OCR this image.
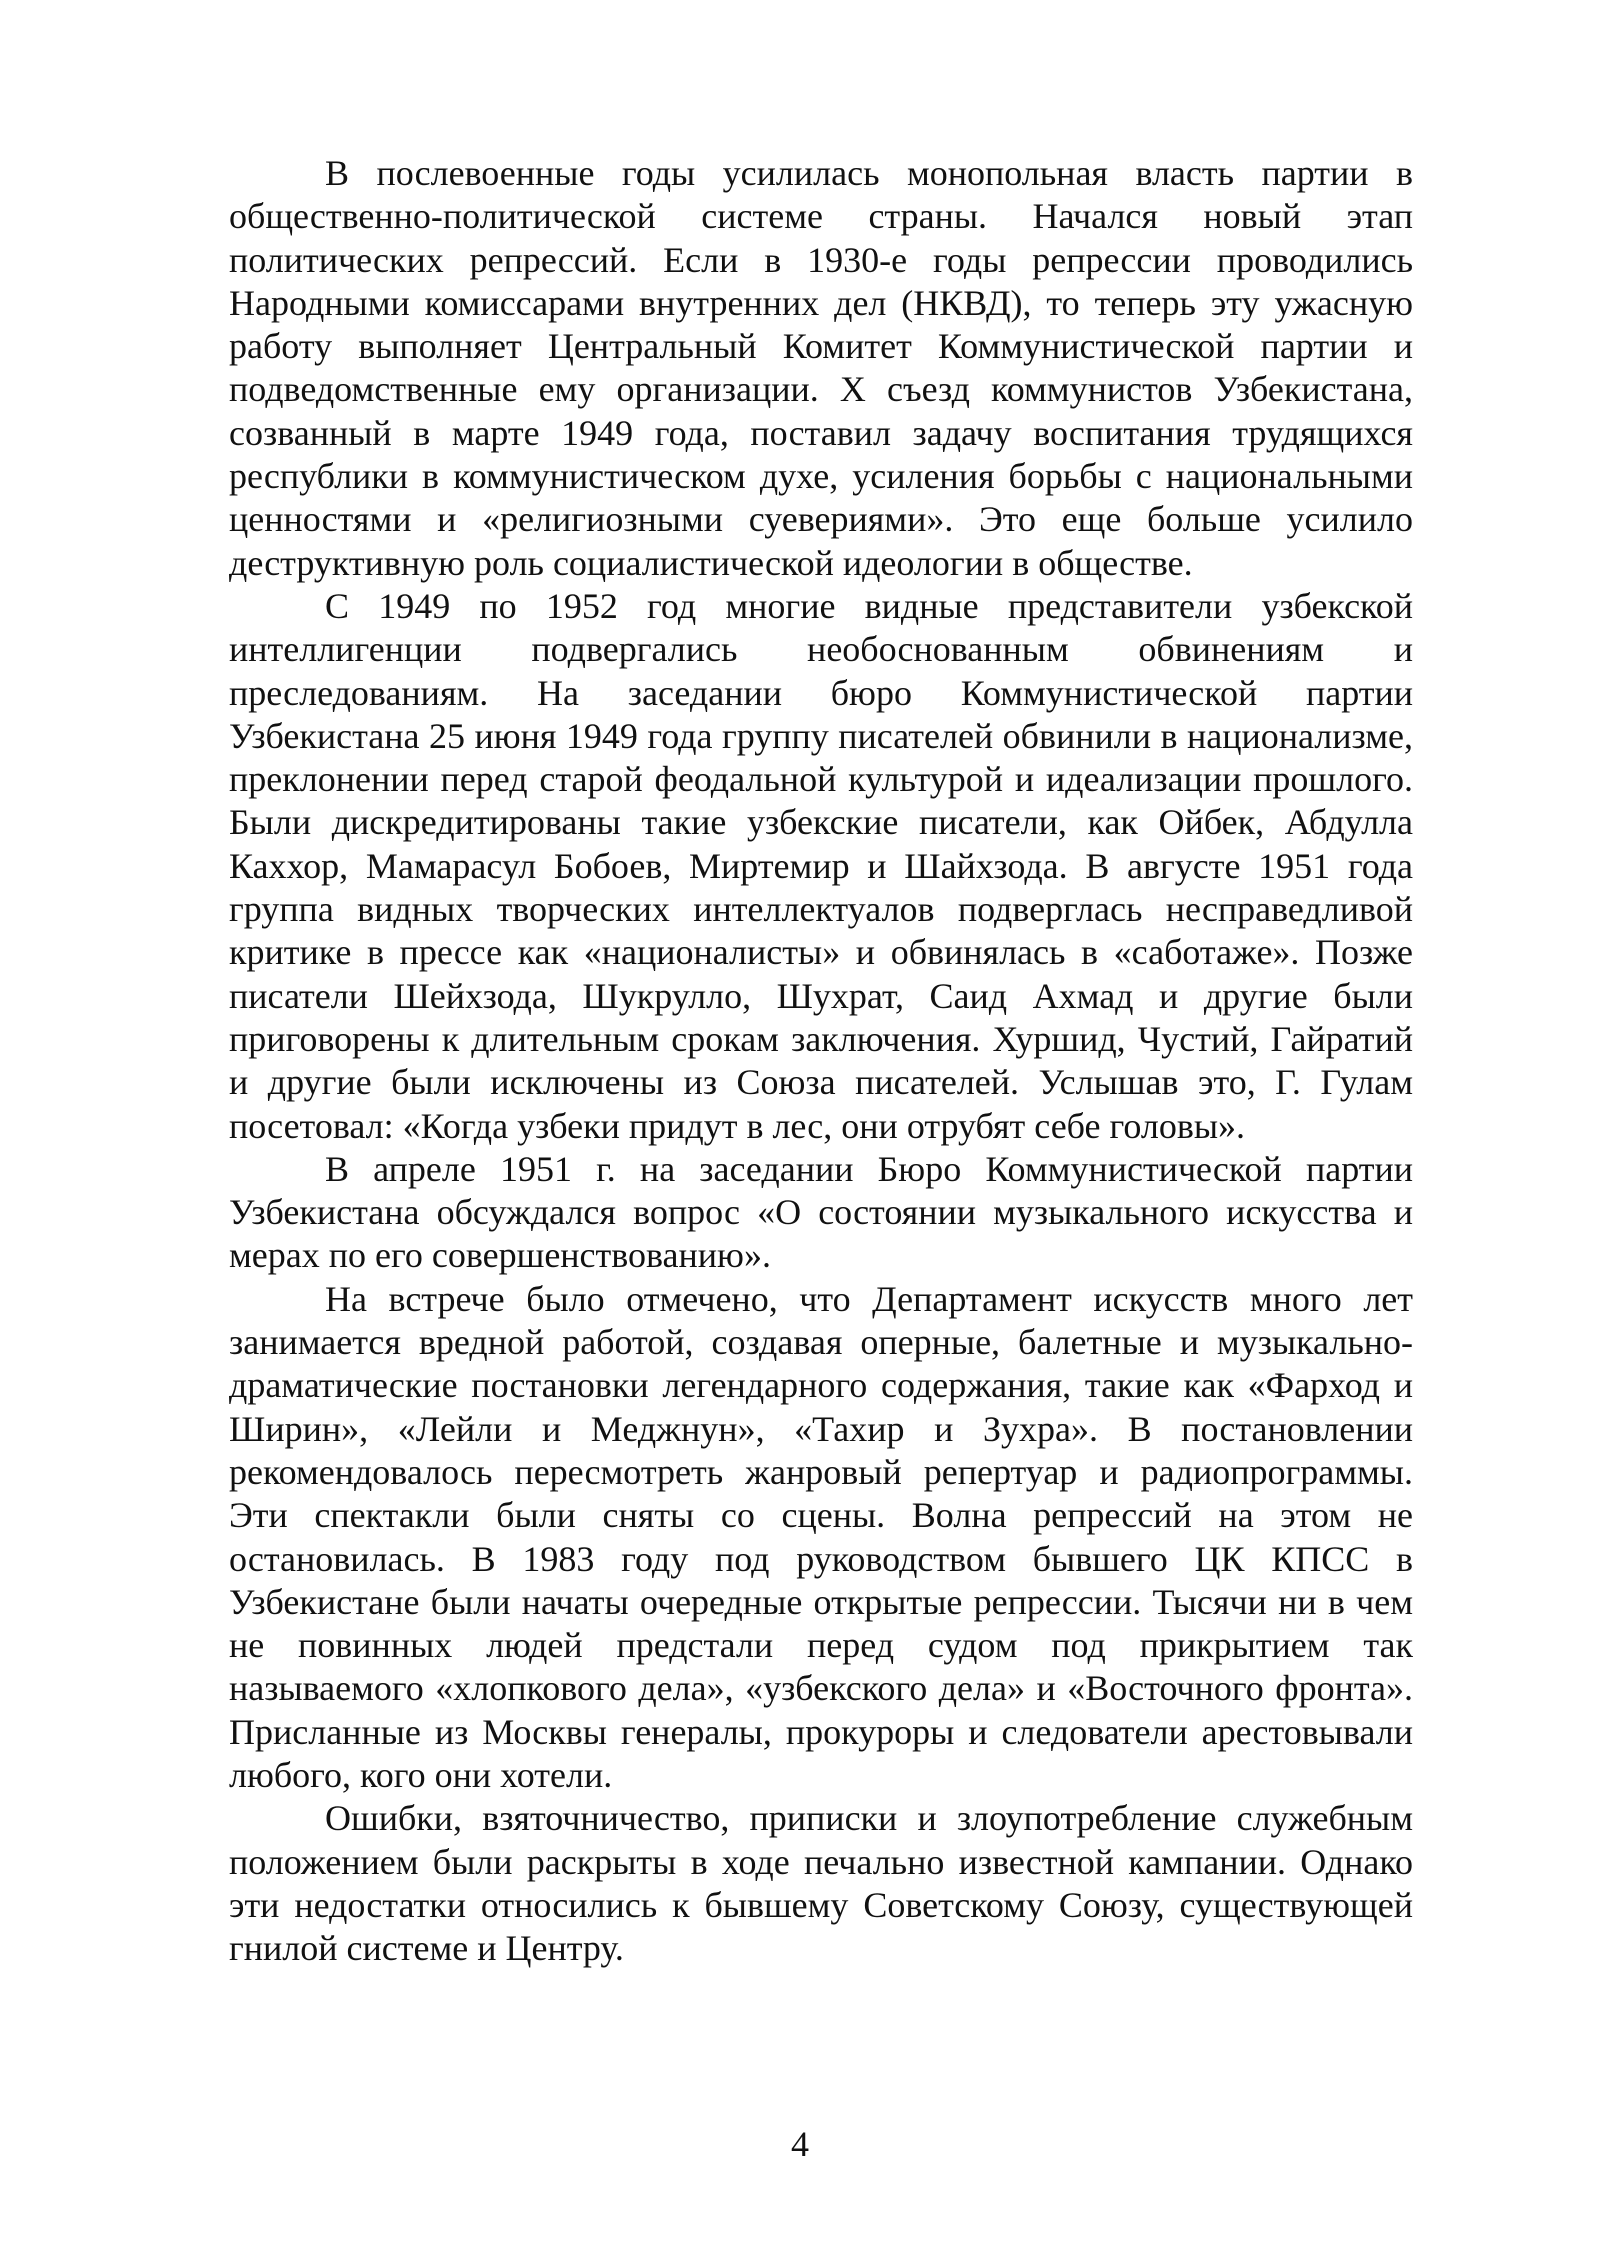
В послевоенные годы усилилась монопольная власть партии в общественно-политической системе страны. Начался новый этап политических репрессий. Если в 1930-е годы репрессии проводились Народными комиссарами внутренних дел (НКВД), то теперь эту ужасную работу выполняет Центральный Комитет Коммунистической партии и подведомственные ему организации. X съезд коммунистов Узбекистана, созванный в марте 1949 года, поставил задачу воспитания трудящихся республики в коммунистическом духе, усиления борьбы с национальными ценностями и «религиозными суевериями». Это еще больше усилило деструктивную роль социалистической идеологии в обществе.

С 1949 по 1952 год многие видные представители узбекской интеллигенции подвергались необоснованным обвинениям и преследованиям. На заседании бюро Коммунистической партии Узбекистана 25 июня 1949 года группу писателей обвинили в национализме, преклонении перед старой феодальной культурой и идеализации прошлого. Были дискредитированы такие узбекские писатели, как Ойбек, Абдулла Каххор, Мамарасул Бобоев, Миртемир и Шайхзода. В августе 1951 года группа видных творческих интеллектуалов подверглась несправедливой критике в прессе как «националисты» и обвинялась в «саботаже». Позже писатели Шейхзода, Шукрулло, Шухрат, Саид Ахмад и другие были приговорены к длительным срокам заключения. Хуршид, Чустий, Гайратий и другие были исключены из Союза писателей. Услышав это, Г. Гулам посетовал: «Когда узбеки придут в лес, они отрубят себе головы».

В апреле 1951 г. на заседании Бюро Коммунистической партии Узбекистана обсуждался вопрос «О состоянии музыкального искусства и мерах по его совершенствованию».

На встрече было отмечено, что Департамент искусств много лет занимается вредной работой, создавая оперные, балетные и музыкально-драматические постановки легендарного содержания, такие как «Фарход и Ширин», «Лейли и Меджнун», «Тахир и Зухра». В постановлении рекомендовалось пересмотреть жанровый репертуар и радиопрограммы. Эти спектакли были сняты со сцены. Волна репрессий на этом не остановилась. В 1983 году под руководством бывшего ЦК КПСС в Узбекистане были начаты очередные открытые репрессии. Тысячи ни в чем не повинных людей предстали перед судом под прикрытием так называемого «хлопкового дела», «узбекского дела» и «Восточного фронта». Присланные из Москвы генералы, прокуроры и следователи арестовывали любого, кого они хотели.

Ошибки, взяточничество, приписки и злоупотребление служебным положением были раскрыты в ходе печально известной кампании. Однако эти недостатки относились к бывшему Советскому Союзу, существующей гнилой системе и Центру.

4
